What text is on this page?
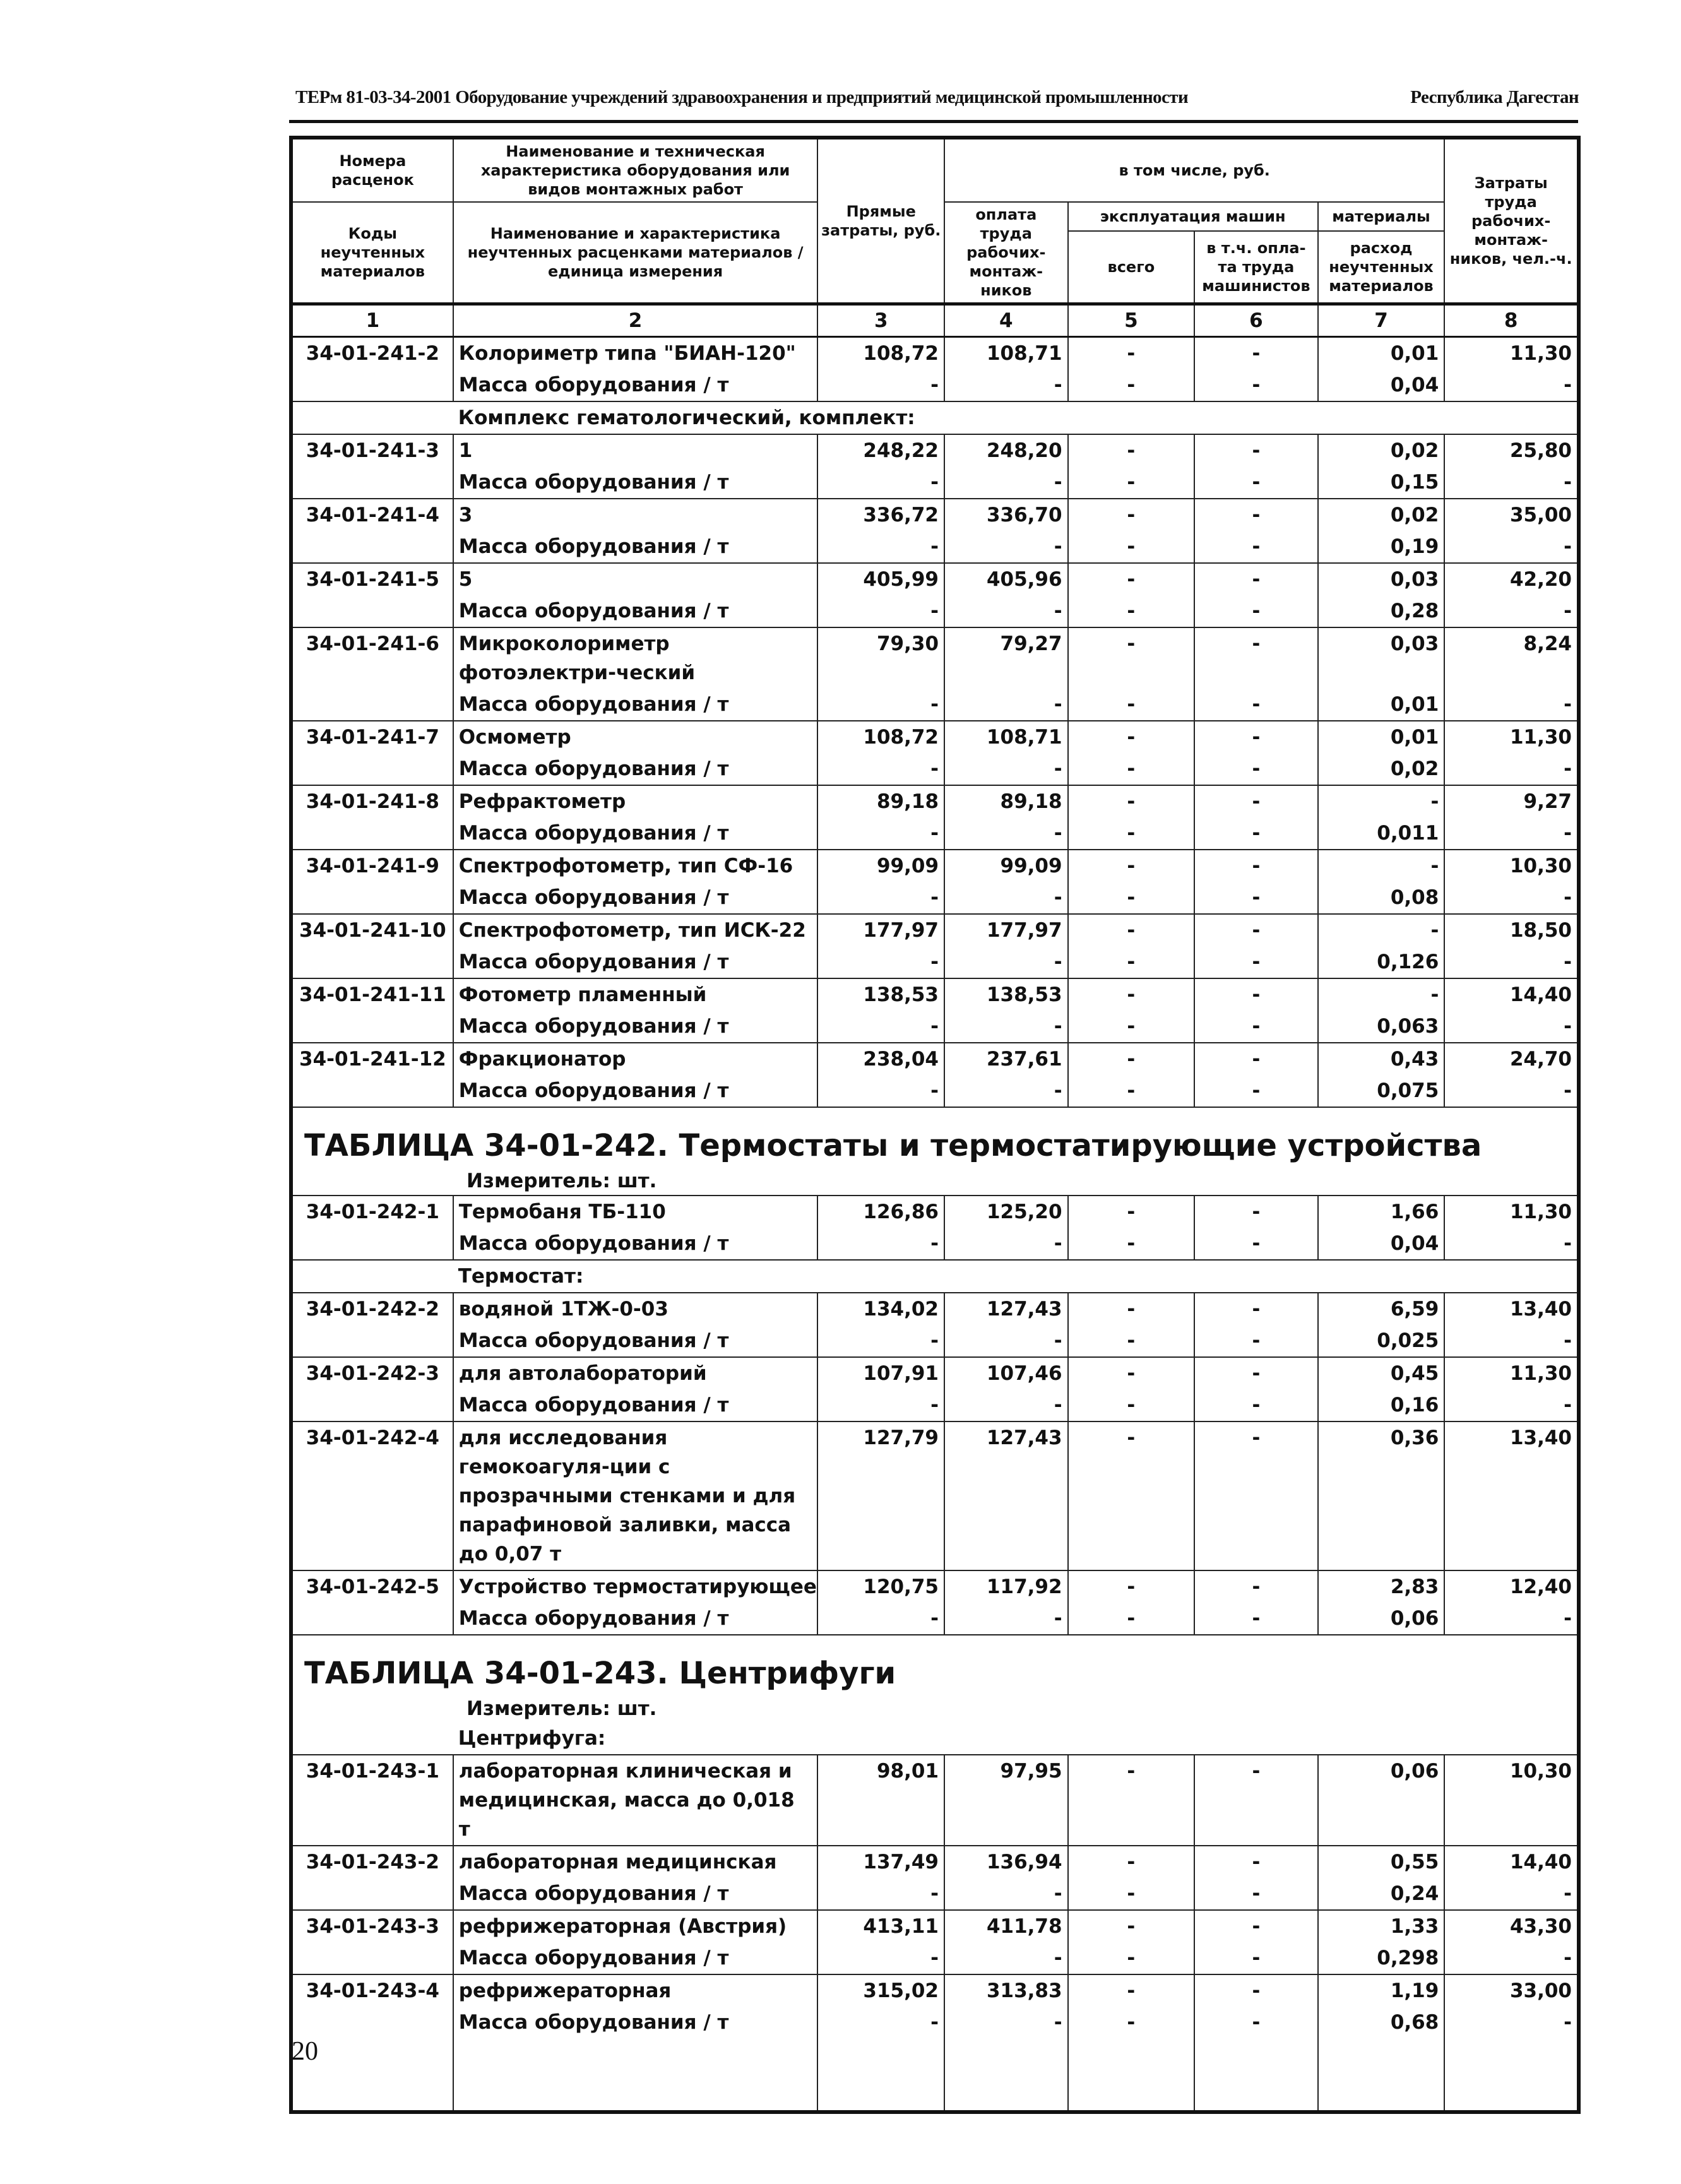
ТЕРм 81-03-34-2001 Оборудование учреждений здравоохранения и предприятий медицинской промышленности	Республика Дагестан
Номера расценок	Наименование и техническая характеристика оборудования или видов монтажных работ	Прямые затраты, руб.	в том числе, руб.				Затраты труда рабочих-монтаж-ников, чел.-ч.
Коды неучтенных материалов	Наименование и характеристика неучтенных расценками материалов / единица измерения		оплата труда рабочих-монтаж-ников	эксплуатация машин		материалы	
				всего	в т.ч. опла-та труда машинистов	расход неучтенных материалов	
1	2	3	4	5	6	7	8
34-01-241-2	Колориметр типа "БИАН-120"	108,72	108,71	-	-	0,01	11,30
	Масса оборудования / т	-	-	-	-	0,04	-
	Комплекс гематологический, комплект:						
34-01-241-3	1	248,22	248,20	-	-	0,02	25,80
	Масса оборудования / т	-	-	-	-	0,15	-
34-01-241-4	3	336,72	336,70	-	-	0,02	35,00
	Масса оборудования / т	-	-	-	-	0,19	-
34-01-241-5	5	405,99	405,96	-	-	0,03	42,20
	Масса оборудования / т	-	-	-	-	0,28	-
34-01-241-6	Микроколориметр фотоэлектри-ческий	79,30	79,27	-	-	0,03	8,24
	Масса оборудования / т	-	-	-	-	0,01	-
34-01-241-7	Осмометр	108,72	108,71	-	-	0,01	11,30
	Масса оборудования / т	-	-	-	-	0,02	-
34-01-241-8	Рефрактометр	89,18	89,18	-	-	-	9,27
	Масса оборудования / т	-	-	-	-	0,011	-
34-01-241-9	Спектрофотометр, тип СФ-16	99,09	99,09	-	-	-	10,30
	Масса оборудования / т	-	-	-	-	0,08	-
34-01-241-10	Спектрофотометр, тип ИСК-22	177,97	177,97	-	-	-	18,50
	Масса оборудования / т	-	-	-	-	0,126	-
34-01-241-11	Фотометр пламенный	138,53	138,53	-	-	-	14,40
	Масса оборудования / т	-	-	-	-	0,063	-
34-01-241-12	Фракционатор	238,04	237,61	-	-	0,43	24,70
	Масса оборудования / т	-	-	-	-	0,075	-
ТАБЛИЦА 34-01-242. Термостаты и термостатирующие устройства							
Измеритель: шт.							
34-01-242-1	Термобаня ТБ-110	126,86	125,20	-	-	1,66	11,30
	Масса оборудования / т	-	-	-	-	0,04	-
	Термостат:						
34-01-242-2	водяной 1ТЖ-0-03	134,02	127,43	-	-	6,59	13,40
	Масса оборудования / т	-	-	-	-	0,025	-
34-01-242-3	для автолабораторий	107,91	107,46	-	-	0,45	11,30
	Масса оборудования / т	-	-	-	-	0,16	-
34-01-242-4	для исследования гемокоагуля-ции с прозрачными стенками и для парафиновой заливки, масса до 0,07 т	127,79	127,43	-	-	0,36	13,40
34-01-242-5	Устройство термостатирующее	120,75	117,92	-	-	2,83	12,40
	Масса оборудования / т	-	-	-	-	0,06	-
ТАБЛИЦА 34-01-243. Центрифуги							
Измеритель: шт.							
	Центрифуга:						
34-01-243-1	лабораторная клиническая и медицинская, масса до 0,018 т	98,01	97,95	-	-	0,06	10,30
34-01-243-2	лабораторная медицинская	137,49	136,94	-	-	0,55	14,40
	Масса оборудования / т	-	-	-	-	0,24	-
34-01-243-3	рефрижераторная (Австрия)	413,11	411,78	-	-	1,33	43,30
	Масса оборудования / т	-	-	-	-	0,298	-
34-01-243-4	рефрижераторная	315,02	313,83	-	-	1,19	33,00
	Масса оборудования / т	-	-	-	-	0,68	-

20
